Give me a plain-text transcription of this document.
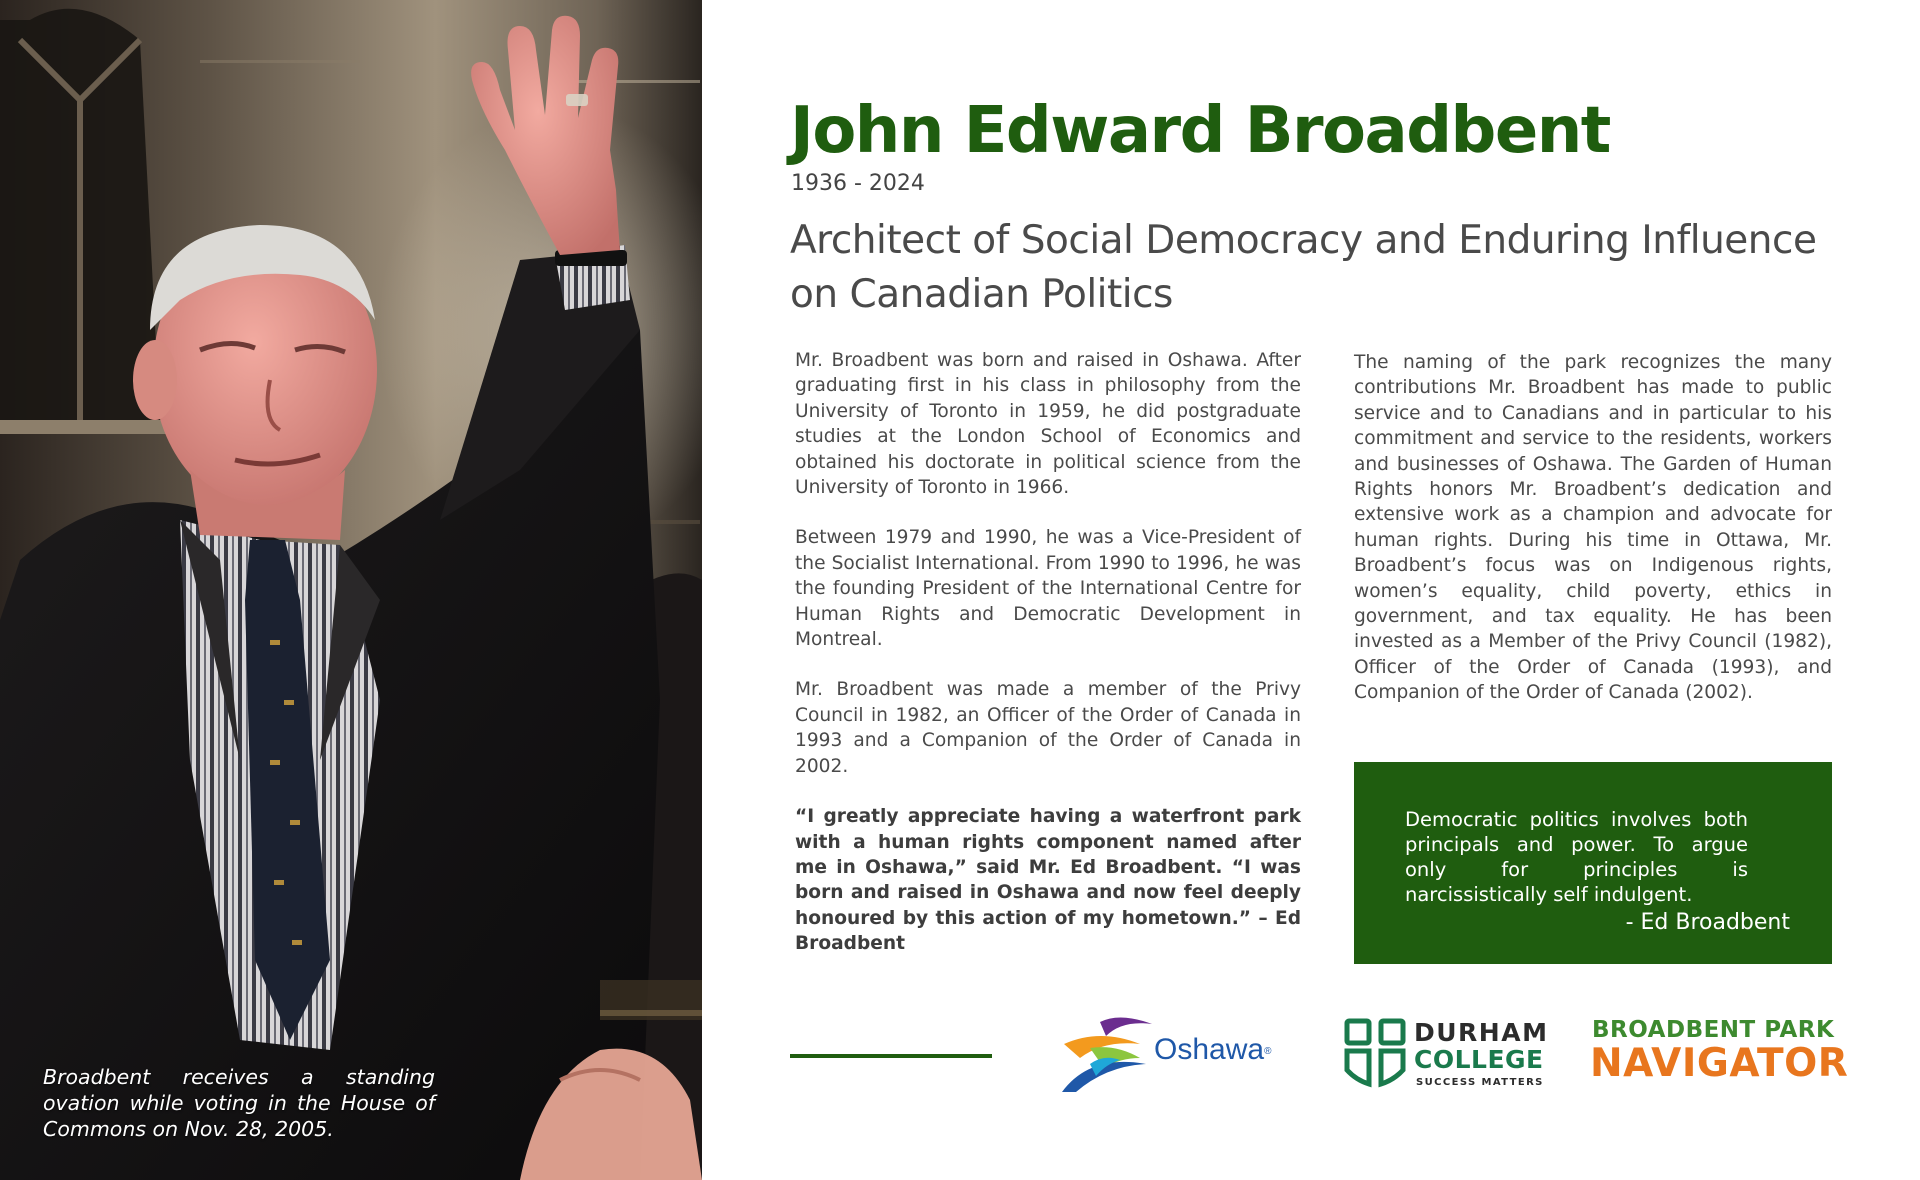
Broadbent receives a standing ovation while voting in the House of Commons on Nov. 28, 2005.
John Edward Broadbent
1936 - 2024
Architect of Social Democracy and Enduring Influence on Canadian Politics

Mr. Broadbent was born and raised in Oshawa. After graduating first in his class in philosophy from the University of Toronto in 1959, he did postgraduate studies at the London School of Economics and obtained his doctorate in political science from the University of Toronto in 1966.

Between 1979 and 1990, he was a Vice-President of the Socialist International. From 1990 to 1996, he was the founding President of the International Centre for Human Rights and Democratic Development in Montreal.

Mr. Broadbent was made a member of the Privy Council in 1982, an Officer of the Order of Canada in 1993 and a Companion of the Order of Canada in 2002.

“I greatly appreciate having a waterfront park with a human rights component named after me in Oshawa,” said Mr. Ed Broadbent. “I was born and raised in Oshawa and now feel deeply honoured by this action of my hometown.” – Ed Broadbent

The naming of the park recognizes the many contributions Mr. Broadbent has made to public service and to Canadians and in particular to his commitment and service to the residents, workers and businesses of Oshawa. The Garden of Human Rights honors Mr. Broadbent’s dedication and extensive work as a champion and advocate for human rights. During his time in Ottawa, Mr. Broadbent’s focus was on Indigenous rights, women’s equality, child poverty, ethics in government, and tax equality. He has been invested as a Member of the Privy Council (1982), Officer of the Order of Canada (1993), and Companion of the Order of Canada (2002).

Democratic politics involves both principals and power. To argue only for principles is narcissistically self indulgent.
- Ed Broadbent
Oshawa®
DURHAM
COLLEGE
SUCCESS MATTERS
BROADBENT PARK
NAVIGATOR
